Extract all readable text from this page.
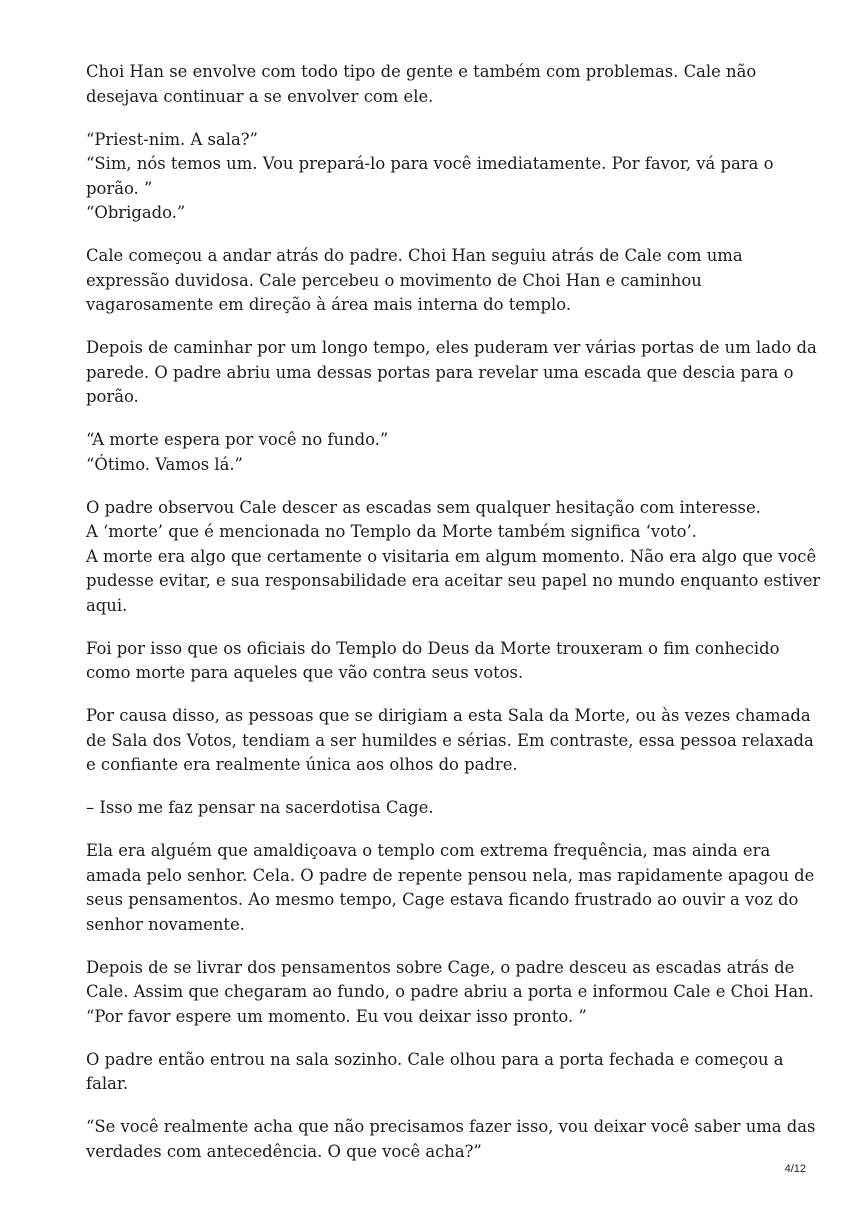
Choi Han se envolve com todo tipo de gente e também com problemas. Cale não
desejava continuar a se envolver com ele.

“Priest-nim. A sala?”
“Sim, nós temos um. Vou prepará-lo para você imediatamente. Por favor, vá para o
porão. ”
“Obrigado.”

Cale começou a andar atrás do padre. Choi Han seguiu atrás de Cale com uma
expressão duvidosa. Cale percebeu o movimento de Choi Han e caminhou
vagarosamente em direção à área mais interna do templo.

Depois de caminhar por um longo tempo, eles puderam ver várias portas de um lado da
parede. O padre abriu uma dessas portas para revelar uma escada que descia para o
porão.

“A morte espera por você no fundo.”
“Ótimo. Vamos lá.”

O padre observou Cale descer as escadas sem qualquer hesitação com interesse.
A ‘morte’ que é mencionada no Templo da Morte também significa ‘voto’.
A morte era algo que certamente o visitaria em algum momento. Não era algo que você
pudesse evitar, e sua responsabilidade era aceitar seu papel no mundo enquanto estiver
aqui.

Foi por isso que os oficiais do Templo do Deus da Morte trouxeram o fim conhecido
como morte para aqueles que vão contra seus votos.

Por causa disso, as pessoas que se dirigiam a esta Sala da Morte, ou às vezes chamada
de Sala dos Votos, tendiam a ser humildes e sérias. Em contraste, essa pessoa relaxada
e confiante era realmente única aos olhos do padre.

– Isso me faz pensar na sacerdotisa Cage.

Ela era alguém que amaldiçoava o templo com extrema frequência, mas ainda era
amada pelo senhor. Cela. O padre de repente pensou nela, mas rapidamente apagou de
seus pensamentos. Ao mesmo tempo, Cage estava ficando frustrado ao ouvir a voz do
senhor novamente.

Depois de se livrar dos pensamentos sobre Cage, o padre desceu as escadas atrás de
Cale. Assim que chegaram ao fundo, o padre abriu a porta e informou Cale e Choi Han.
“Por favor espere um momento. Eu vou deixar isso pronto. ”

O padre então entrou na sala sozinho. Cale olhou para a porta fechada e começou a
falar.

“Se você realmente acha que não precisamos fazer isso, vou deixar você saber uma das
verdades com antecedência. O que você acha?”

4/12
